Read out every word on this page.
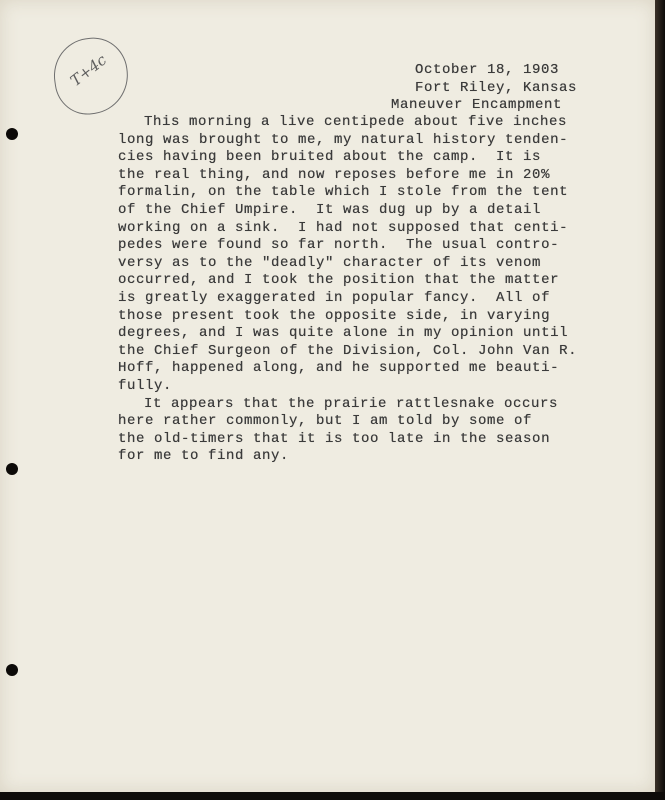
T+4c	October 18, 1903
Fort Riley, Kansas
Maneuver Encampment
This morning a live centipede about five inches
long was brought to me, my natural history tenden-
cies having been bruited about the camp.  It is
the real thing, and now reposes before me in 20%
formalin, on the table which I stole from the tent
of the Chief Umpire.  It was dug up by a detail
working on a sink.  I had not supposed that centi-
pedes were found so far north.  The usual contro-
versy as to the "deadly" character of its venom
occurred, and I took the position that the matter
is greatly exaggerated in popular fancy.  All of
those present took the opposite side, in varying
degrees, and I was quite alone in my opinion until
the Chief Surgeon of the Division, Col. John Van R.
Hoff, happened along, and he supported me beauti-
fully.
It appears that the prairie rattlesnake occurs
here rather commonly, but I am told by some of
the old-timers that it is too late in the season
for me to find any.
